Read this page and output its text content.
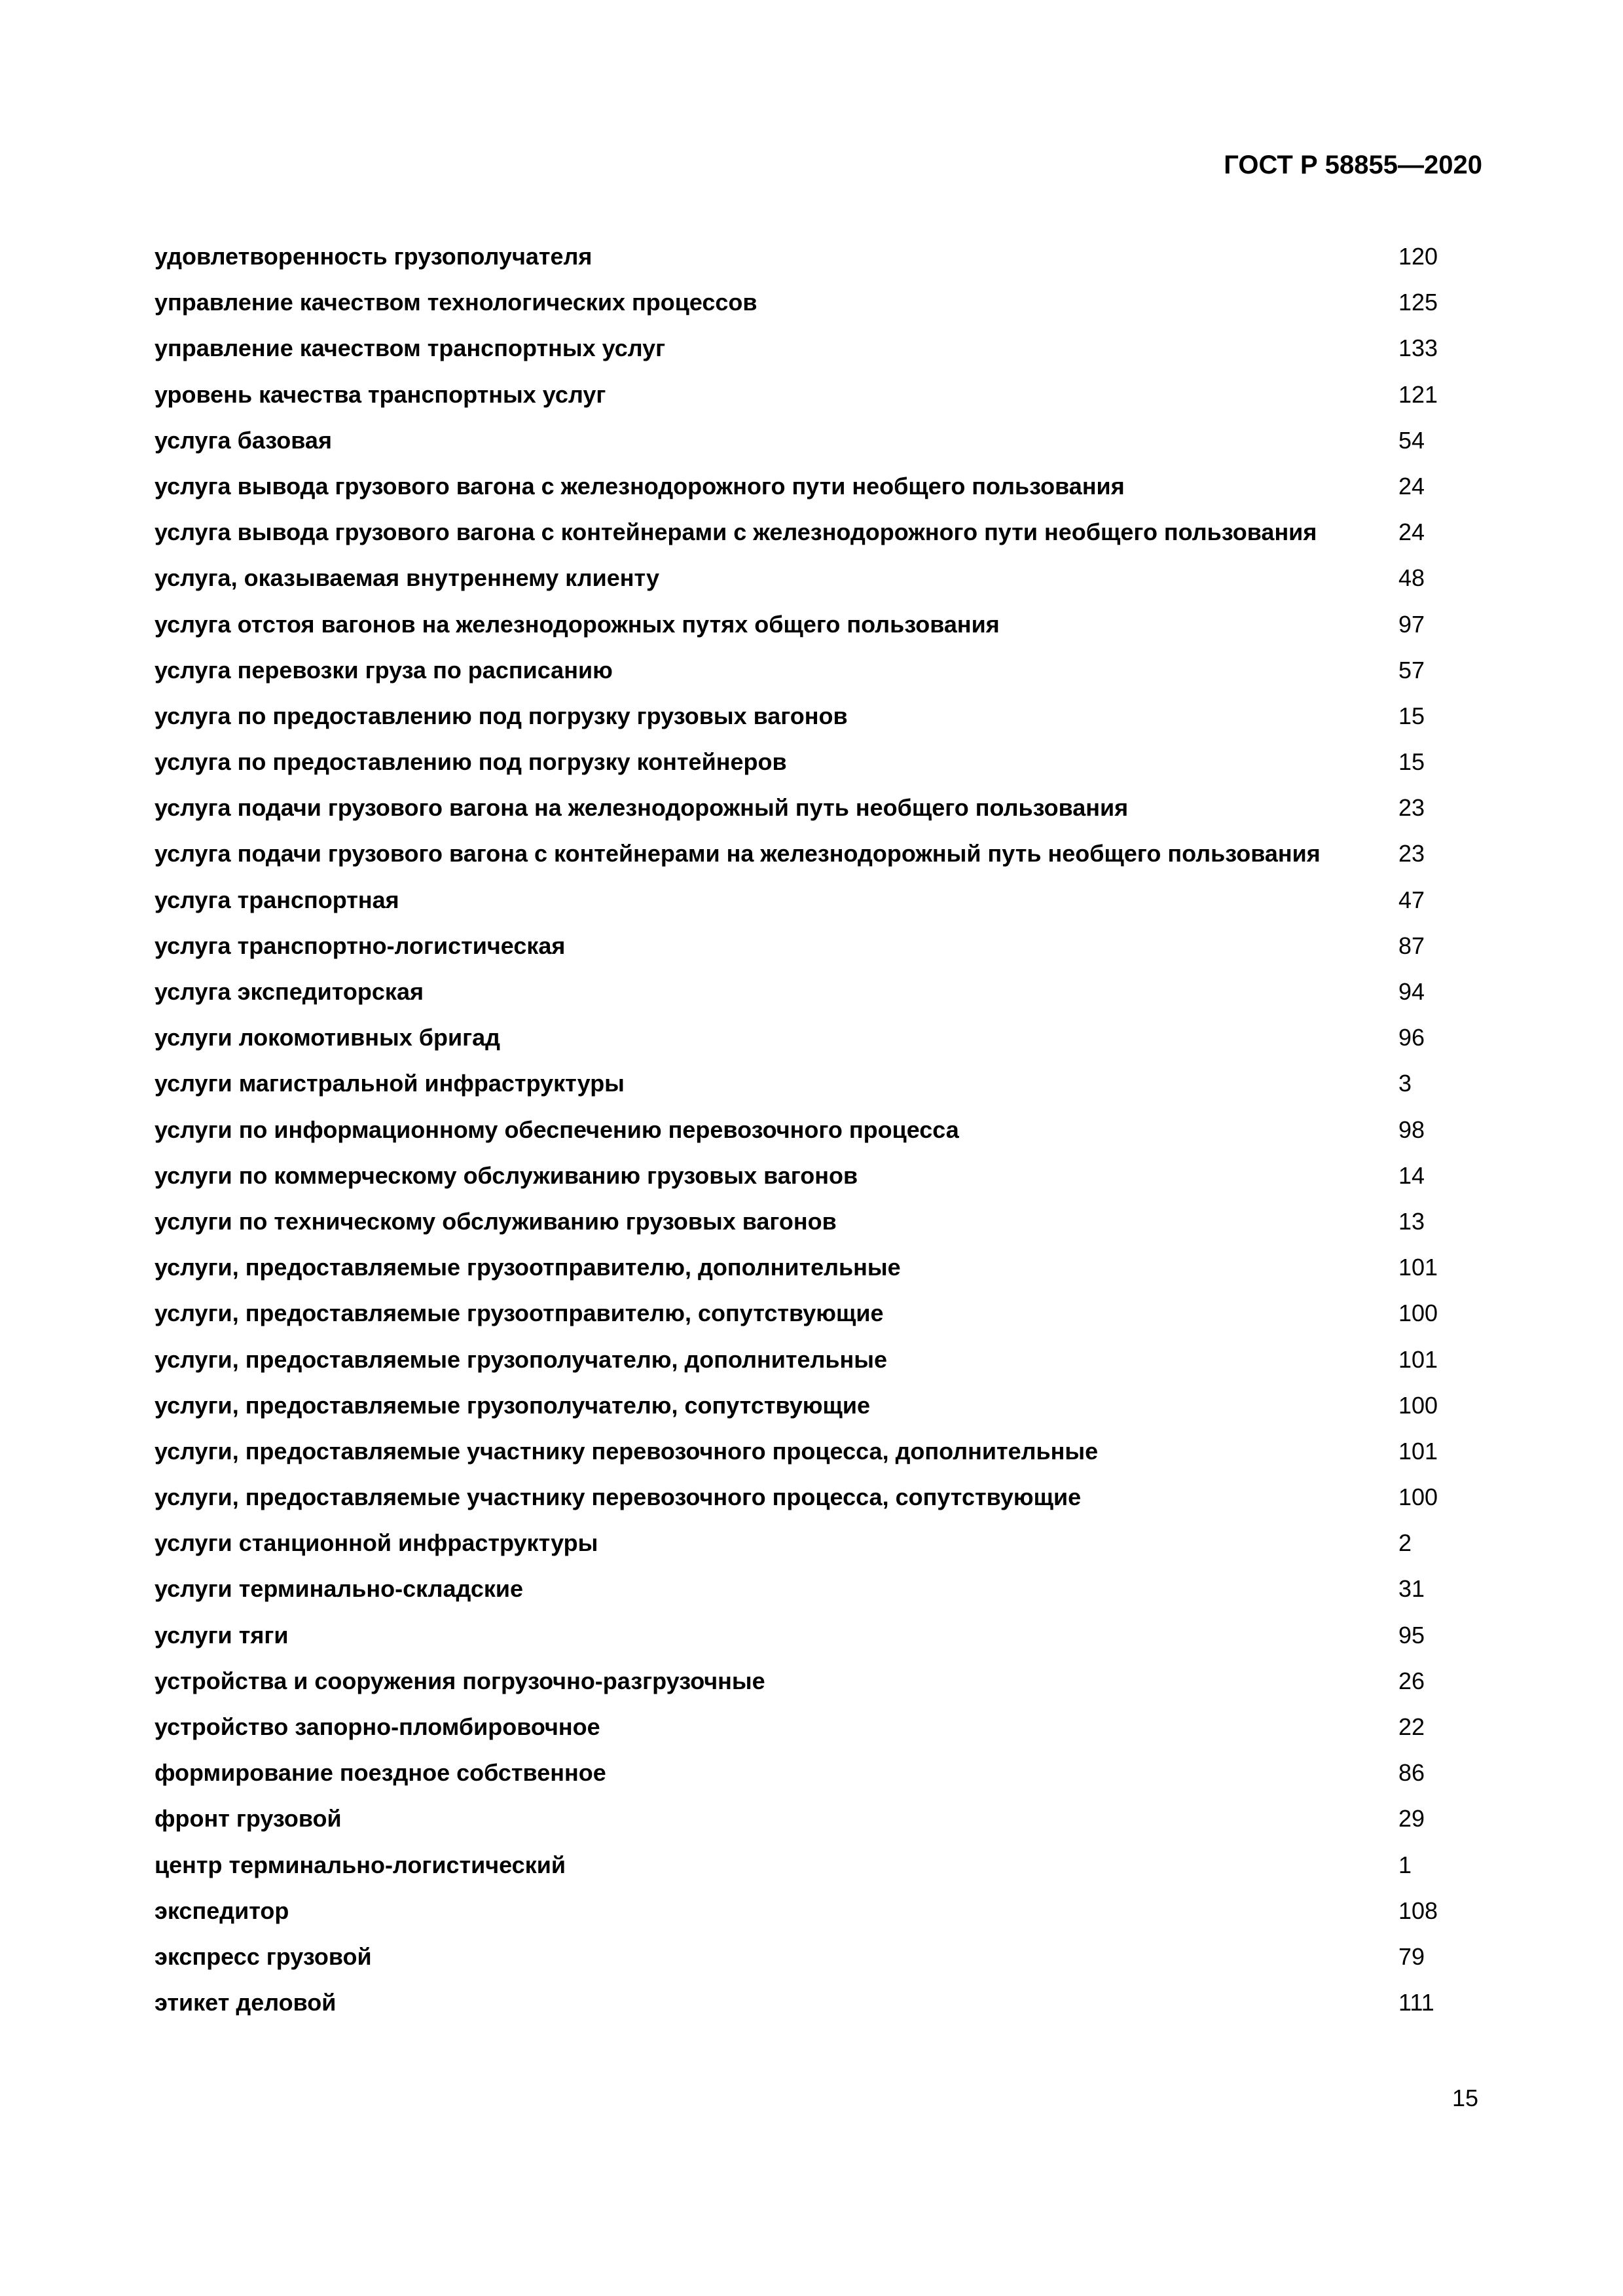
ГОСТ Р 58855—2020
удовлетворенность грузополучателя	120
управление качеством технологических процессов	125
управление качеством транспортных услуг	133
уровень качества транспортных услуг	121
услуга базовая	54
услуга вывода грузового вагона с железнодорожного пути необщего пользования	24
услуга вывода грузового вагона с контейнерами с железнодорожного пути необщего пользования	24
услуга, оказываемая внутреннему клиенту	48
услуга отстоя вагонов на железнодорожных путях общего пользования	97
услуга перевозки груза по расписанию	57
услуга по предоставлению под погрузку грузовых вагонов	15
услуга по предоставлению под погрузку контейнеров	15
услуга подачи грузового вагона на железнодорожный путь необщего пользования	23
услуга подачи грузового вагона с контейнерами на железнодорожный путь необщего пользования	23
услуга транспортная	47
услуга транспортно-логистическая	87
услуга экспедиторская	94
услуги локомотивных бригад	96
услуги магистральной инфраструктуры	3
услуги по информационному обеспечению перевозочного процесса	98
услуги по коммерческому обслуживанию грузовых вагонов	14
услуги по техническому обслуживанию грузовых вагонов	13
услуги, предоставляемые грузоотправителю, дополнительные	101
услуги, предоставляемые грузоотправителю, сопутствующие	100
услуги, предоставляемые грузополучателю, дополнительные	101
услуги, предоставляемые грузополучателю, сопутствующие	100
услуги, предоставляемые участнику перевозочного процесса, дополнительные	101
услуги, предоставляемые участнику перевозочного процесса, сопутствующие	100
услуги станционной инфраструктуры	2
услуги терминально-складские	31
услуги тяги	95
устройства и сооружения погрузочно-разгрузочные	26
устройство запорно-пломбировочное	22
формирование поездное собственное	86
фронт грузовой	29
центр терминально-логистический	1
экспедитор	108
экспресс грузовой	79
этикет деловой	111
15
